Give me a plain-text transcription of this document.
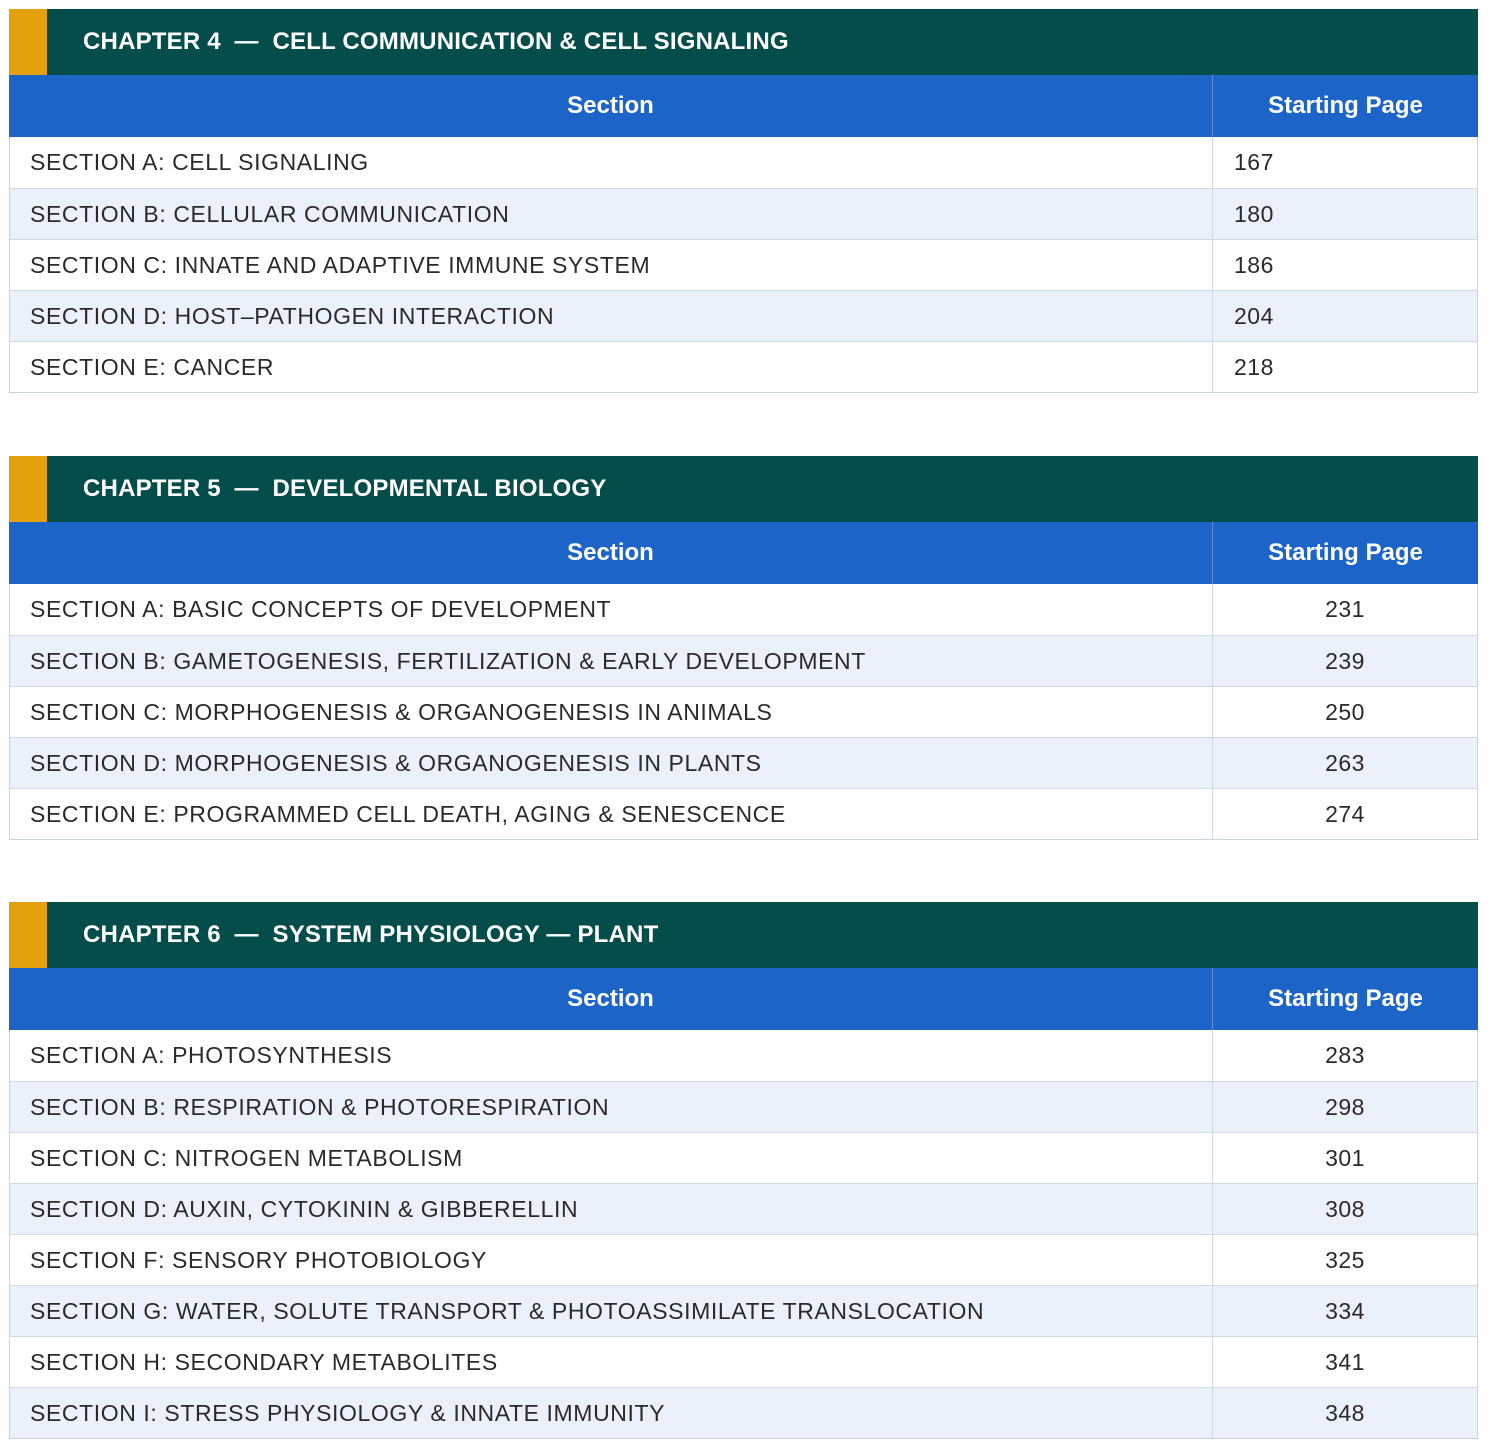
CHAPTER 4  —  CELL COMMUNICATION & CELL SIGNALING
Section	Starting Page
SECTION A: CELL SIGNALING	167
SECTION B: CELLULAR COMMUNICATION	180
SECTION C: INNATE AND ADAPTIVE IMMUNE SYSTEM	186
SECTION D: HOST–PATHOGEN INTERACTION	204
SECTION E: CANCER	218
CHAPTER 5  —  DEVELOPMENTAL BIOLOGY
Section	Starting Page
SECTION A: BASIC CONCEPTS OF DEVELOPMENT	231
SECTION B: GAMETOGENESIS, FERTILIZATION & EARLY DEVELOPMENT	239
SECTION C: MORPHOGENESIS & ORGANOGENESIS IN ANIMALS	250
SECTION D: MORPHOGENESIS & ORGANOGENESIS IN PLANTS	263
SECTION E: PROGRAMMED CELL DEATH, AGING & SENESCENCE	274
CHAPTER 6  —  SYSTEM PHYSIOLOGY — PLANT
Section	Starting Page
SECTION A: PHOTOSYNTHESIS	283
SECTION B: RESPIRATION & PHOTORESPIRATION	298
SECTION C: NITROGEN METABOLISM	301
SECTION D: AUXIN, CYTOKININ & GIBBERELLIN	308
SECTION F: SENSORY PHOTOBIOLOGY	325
SECTION G: WATER, SOLUTE TRANSPORT & PHOTOASSIMILATE TRANSLOCATION	334
SECTION H: SECONDARY METABOLITES	341
SECTION I: STRESS PHYSIOLOGY & INNATE IMMUNITY	348
